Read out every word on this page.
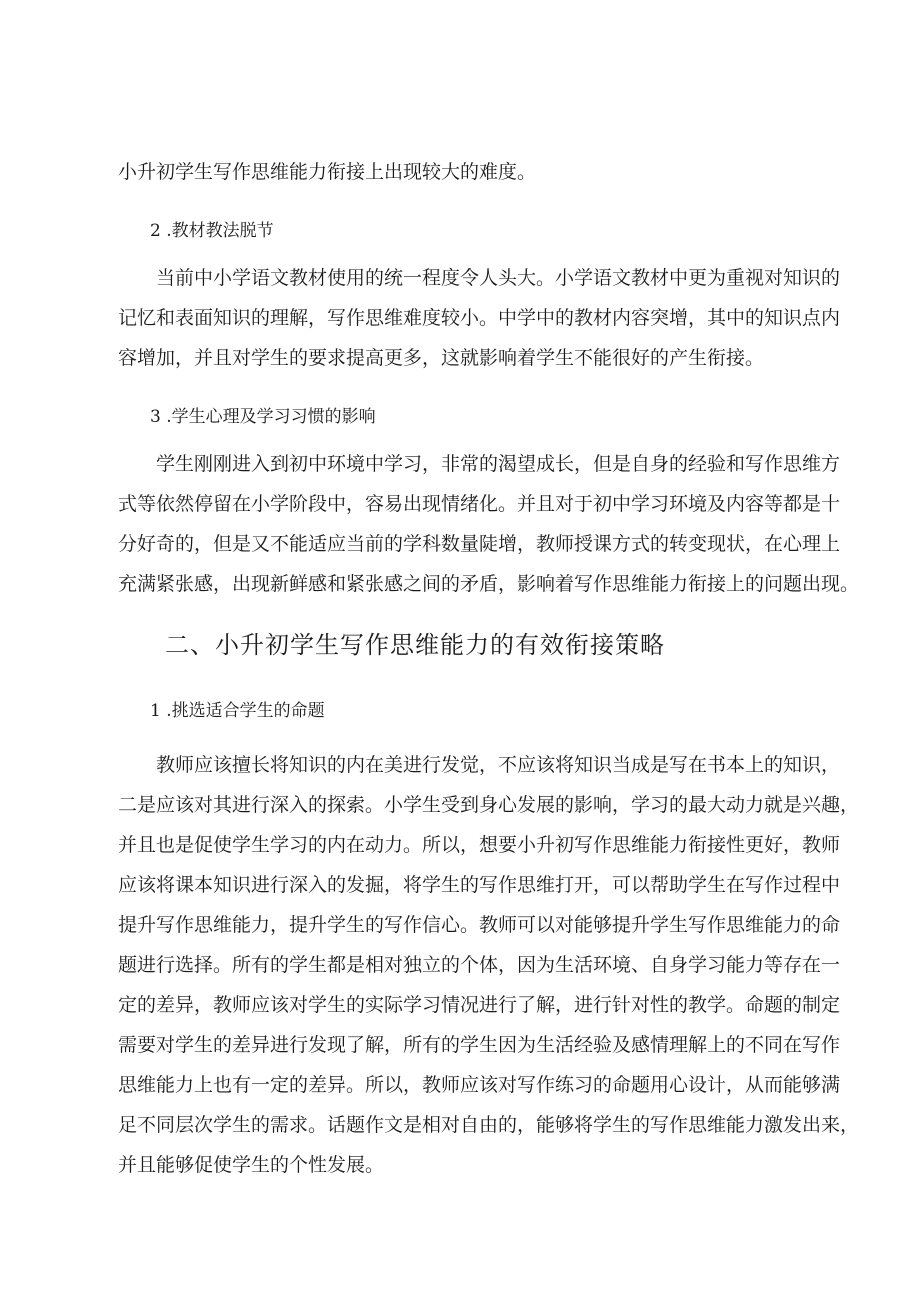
小升初学生写作思维能力衔接上出现较大的难度。
2 .教材教法脱节
　　当前中小学语文教材使用的统一程度令人头大。小学语文教材中更为重视对知识的
记忆和表面知识的理解，写作思维难度较小。中学中的教材内容突增，其中的知识点内
容增加，并且对学生的要求提高更多，这就影响着学生不能很好的产生衔接。
3 .学生心理及学习习惯的影响
　　学生刚刚进入到初中环境中学习，非常的渴望成长，但是自身的经验和写作思维方
式等依然停留在小学阶段中，容易出现情绪化。并且对于初中学习环境及内容等都是十
分好奇的，但是又不能适应当前的学科数量陡增，教师授课方式的转变现状，在心理上
充满紧张感，出现新鲜感和紧张感之间的矛盾，影响着写作思维能力衔接上的问题出现。
二、小升初学生写作思维能力的有效衔接策略
1 .挑选适合学生的命题
　　教师应该擅长将知识的内在美进行发觉，不应该将知识当成是写在书本上的知识，
二是应该对其进行深入的探索。小学生受到身心发展的影响，学习的最大动力就是兴趣，
并且也是促使学生学习的内在动力。所以，想要小升初写作思维能力衔接性更好，教师
应该将课本知识进行深入的发掘，将学生的写作思维打开，可以帮助学生在写作过程中
提升写作思维能力，提升学生的写作信心。教师可以对能够提升学生写作思维能力的命
题进行选择。所有的学生都是相对独立的个体，因为生活环境、自身学习能力等存在一
定的差异，教师应该对学生的实际学习情况进行了解，进行针对性的教学。命题的制定
需要对学生的差异进行发现了解，所有的学生因为生活经验及感情理解上的不同在写作
思维能力上也有一定的差异。所以，教师应该对写作练习的命题用心设计，从而能够满
足不同层次学生的需求。话题作文是相对自由的，能够将学生的写作思维能力激发出来，
并且能够促使学生的个性发展。
